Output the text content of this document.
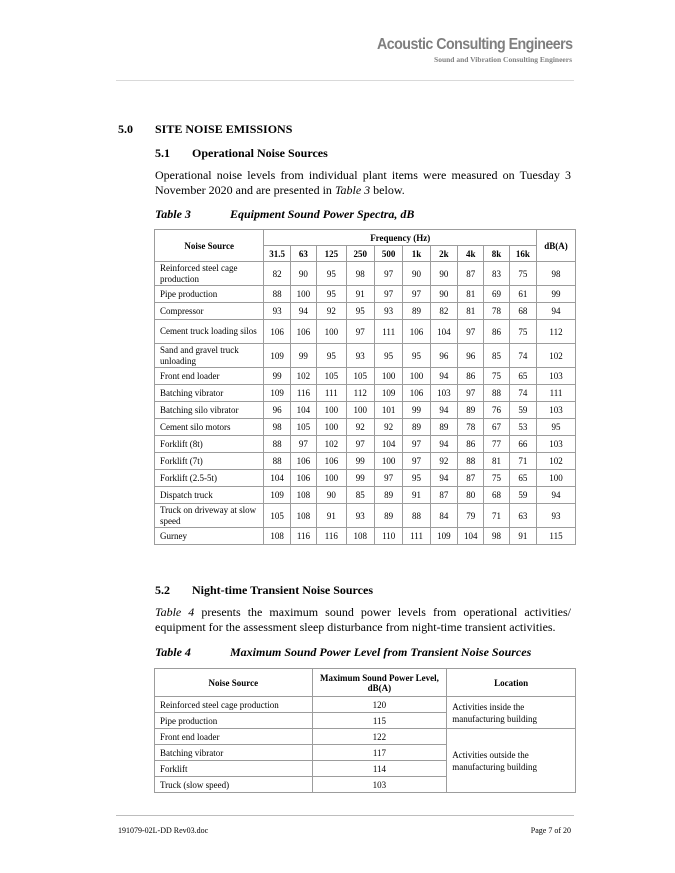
Acoustic Consulting Engineers
Sound and Vibration Consulting Engineers
5.0 SITE NOISE EMISSIONS
5.1 Operational Noise Sources
Operational noise levels from individual plant items were measured on Tuesday 3 November 2020 and are presented in Table 3 below.
Table 3	Equipment Sound Power Spectra, dB
Noise Source	Frequency (Hz)										dB(A)
	31.5	63	125	250	500	1k	2k	4k	8k	16k	
Reinforced steel cage production	82	90	95	98	97	90	90	87	83	75	98
Pipe production	88	100	95	91	97	97	90	81	69	61	99
Compressor	93	94	92	95	93	89	82	81	78	68	94
Cement truck loading silos	106	106	100	97	111	106	104	97	86	75	112
Sand and gravel truck unloading	109	99	95	93	95	95	96	96	85	74	102
Front end loader	99	102	105	105	100	100	94	86	75	65	103
Batching vibrator	109	116	111	112	109	106	103	97	88	74	111
Batching silo vibrator	96	104	100	100	101	99	94	89	76	59	103
Cement silo motors	98	105	100	92	92	89	89	78	67	53	95
Forklift (8t)	88	97	102	97	104	97	94	86	77	66	103
Forklift (7t)	88	106	106	99	100	97	92	88	81	71	102
Forklift (2.5-5t)	104	106	100	99	97	95	94	87	75	65	100
Dispatch truck	109	108	90	85	89	91	87	80	68	59	94
Truck on driveway at slow speed	105	108	91	93	89	88	84	79	71	63	93
Gurney	108	116	116	108	110	111	109	104	98	91	115
5.2 Night-time Transient Noise Sources
Table 4 presents the maximum sound power levels from operational activities/ equipment for the assessment sleep disturbance from night-time transient activities.
Table 4	Maximum Sound Power Level from Transient Noise Sources
Noise Source	Maximum Sound Power Level, dB(A)	Location
Reinforced steel cage production	120	Activities inside the manufacturing building
Pipe production	115	
Front end loader	122	Activities outside the manufacturing building
Batching vibrator	117	
Forklift	114	
Truck (slow speed)	103	
191079-02L-DD Rev03.doc	Page 7 of 20
